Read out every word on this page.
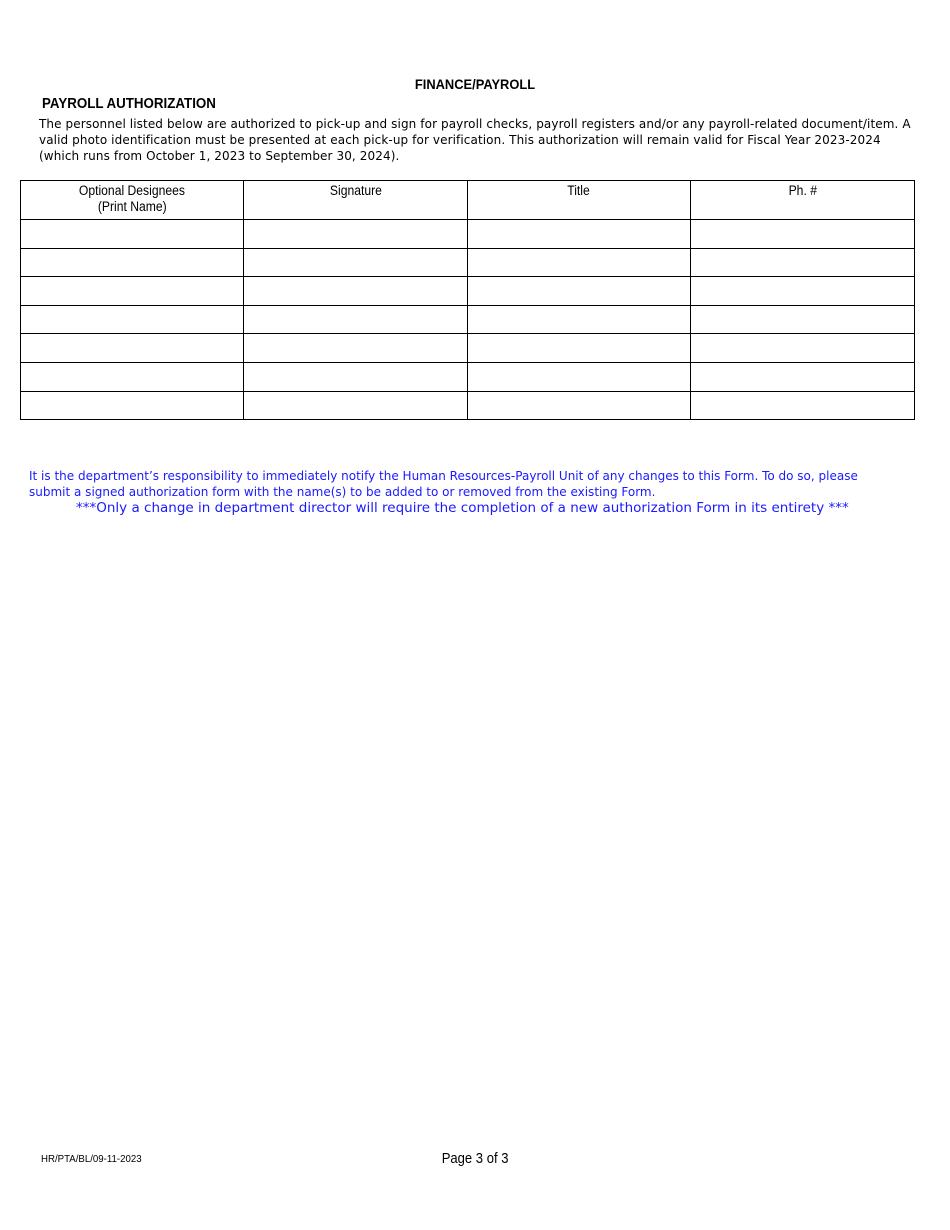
FINANCE/PAYROLL
PAYROLL AUTHORIZATION
The personnel listed below are authorized to pick-up and sign for payroll checks, payroll registers and/or any payroll-related document/item. A valid photo identification must be presented at each pick-up for verification. This authorization will remain valid for Fiscal Year 2023-2024 (which runs from October 1, 2023 to September 30, 2024).
Optional Designees
(Print Name)	Signature	Title	Ph. #

It is the department’s responsibility to immediately notify the Human Resources-Payroll Unit of any changes to this Form. To do so, please submit a signed authorization form with the name(s) to be added to or removed from the existing Form.
***Only a change in department director will require the completion of a new authorization Form in its entirety ***
HR/PTA/BL/09-11-2023	Page 3 of 3
